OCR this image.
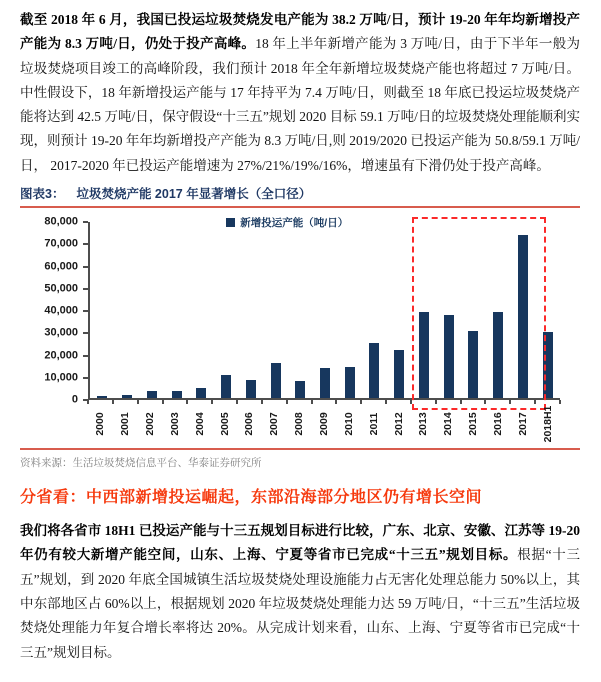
截至 2018 年 6 月，我国已投运垃圾焚烧发电产能为 38.2 万吨/日，预计 19-20 年年均新增投产产能为 8.3 万吨/日，仍处于投产高峰。18 年上半年新增产能为 3 万吨/日，由于下半年一般为垃圾焚烧项目竣工的高峰阶段，我们预计 2018 年全年新增垃圾焚烧产能也将超过 7 万吨/日。中性假设下，18 年新增投运产能与 17 年持平为 7.4 万吨/日，则截至 18 年底已投运垃圾焚烧产能将达到 42.5 万吨/日，保守假设“十三五”规划 2020 目标 59.1 万吨/日的垃圾焚烧处理能顺利实现，则预计 19-20 年年均新增投产产能为 8.3 万吨/日,则 2019/2020 已投运产能为 50.8/59.1 万吨/日， 2017-2020 年已投运产能增速为 27%/21%/19%/16%，增速虽有下滑仍处于投产高峰。

图表3： 垃圾焚烧产能 2017 年显著增长（全口径）
0
10,000
20,000
30,000
40,000
50,000
60,000
70,000
80,000	新增投运产能（吨/日）
2000 2001 2002 2003 2004 2005 2006 2007 2008 2009 2010 2011 2012 2013 2014 2015 2016 2017 2018H1
资料来源：生活垃圾焚烧信息平台、华泰证券研究所
分省看：中西部新增投运崛起，东部沿海部分地区仍有增长空间

我们将各省市 18H1 已投运产能与十三五规划目标进行比较，广东、北京、安徽、江苏等 19-20 年仍有较大新增产能空间，山东、上海、宁夏等省市已完成“十三五”规划目标。根据“十三五”规划，到 2020 年底全国城镇生活垃圾焚烧处理设施能力占无害化处理总能力 50%以上，其中东部地区占 60%以上，根据规划 2020 年垃圾焚烧处理能力达 59 万吨/日，“十三五”生活垃圾焚烧处理能力年复合增长率将达 20%。从完成计划来看，山东、上海、宁夏等省市已完成“十三五”规划目标。
